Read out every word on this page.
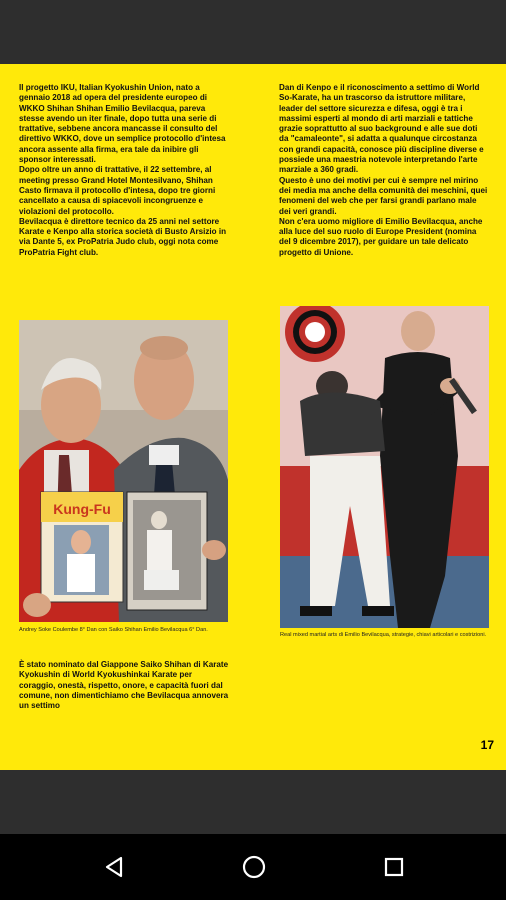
Il progetto IKU, Italian Kyokushin Union, nato a gennaio 2018 ad opera del presidente europeo di WKKO Shihan Shihan Emilio Bevilacqua, pareva stesse avendo un iter finale, dopo tutta una serie di trattative, sebbene ancora mancasse il consulto del direttivo WKKO, dove un semplice protocollo d'intesa ancora assente alla firma, era tale da inibire gli sponsor interessati.

Dopo oltre un anno di trattative, il 22 settembre, al meeting presso Grand Hotel Montesilvano, Shihan Casto firmava il protocollo d'intesa, dopo tre giorni cancellato a causa di spiacevoli incongruenze e violazioni del protocollo.

Bevilacqua è direttore tecnico da 25 anni nel settore Karate e Kenpo alla storica società di Busto Arsizio in via Dante 5, ex ProPatria Judo club, oggi nota come ProPatria Fight club.

Kung-Fu
Andrey Soke Coulembe 8° Dan con Saiko Shihan Emilio Bevilacqua 6° Dan.
È stato nominato dal Giappone Saiko Shihan di Karate Kyokushin di World Kyokushinkai Karate per coraggio, onestà, rispetto, onore, e capacità fuori dal comune, non dimentichiamo che Bevilacqua annovera un settimo

Dan di Kenpo e il riconoscimento a settimo di World So-Karate, ha un trascorso da istruttore militare, leader del settore sicurezza e difesa, oggi è tra i massimi esperti al mondo di arti marziali e tattiche grazie soprattutto al suo background e alle sue doti da "camaleonte", si adatta a qualunque circostanza con grandi capacità, conosce più discipline diverse e possiede una maestria notevole interpretando l'arte marziale a 360 gradi.

Questo è uno dei motivi per cui è sempre nel mirino dei media ma anche della comunità dei meschini, quei fenomeni del web che per farsi grandi parlano male dei veri grandi.

Non c'era uomo migliore di Emilio Bevilacqua, anche alla luce del suo ruolo di Europe President (nomina del 9 dicembre 2017), per guidare un tale delicato progetto di Unione.

Real mixed martial arts di Emilio Bevilacqua, strategie, chiavi articolari e costrizioni.
17
